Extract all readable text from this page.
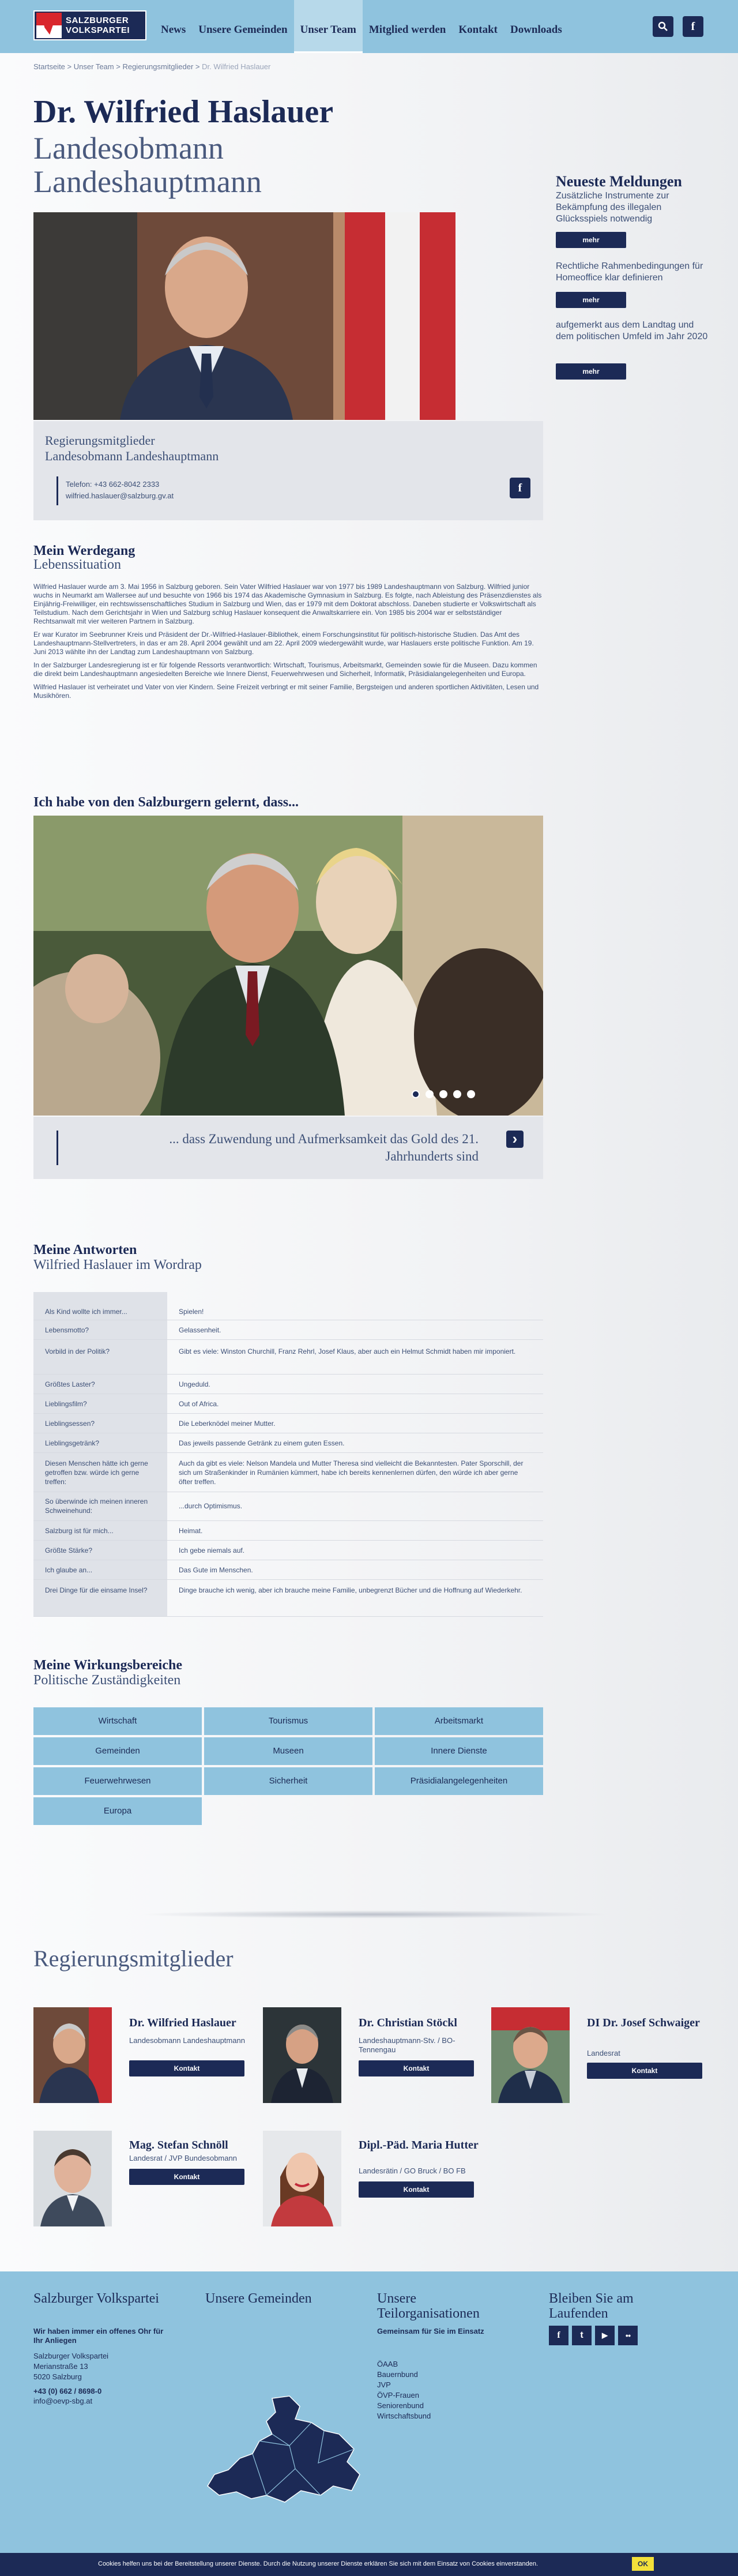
SALZBURGER
VOLKSPARTEI	News	Unsere Gemeinden	Unser Team	Mitglied werden	Kontakt	Downloads	f
Startseite > Unser Team > Regierungsmitglieder > Dr. Wilfried Haslauer
Dr. Wilfried Haslauer
Landesobmann
Landeshauptmann
Regierungsmitglieder
Landesobmann Landeshauptmann
Telefon: +43 662-8042 2333
wilfried.haslauer@salzburg.gv.at
f
Neueste Meldungen
Zusätzliche Instrumente zur Bekämpfung des illegalen Glücksspiels notwendig
mehr
Rechtliche Rahmenbedingungen für Homeoffice klar definieren
mehr
aufgemerkt aus dem Landtag und dem politischen Umfeld im Jahr 2020
mehr
Mein Werdegang
Lebenssituation

Wilfried Haslauer wurde am 3. Mai 1956 in Salzburg geboren. Sein Vater Wilfried Haslauer war von 1977 bis 1989 Landeshauptmann von Salzburg. Wilfried junior wuchs in Neumarkt am Wallersee auf und besuchte von 1966 bis 1974 das Akademische Gymnasium in Salzburg. Es folgte, nach Ableistung des Präsenzdienstes als Einjährig-Freiwilliger, ein rechtswissenschaftliches Studium in Salzburg und Wien, das er 1979 mit dem Doktorat abschloss. Daneben studierte er Volkswirtschaft als Teilstudium. Nach dem Gerichtsjahr in Wien und Salzburg schlug Haslauer konsequent die Anwaltskarriere ein. Von 1985 bis 2004 war er selbstständiger Rechtsanwalt mit vier weiteren Partnern in Salzburg.

Er war Kurator im Seebrunner Kreis und Präsident der Dr.-Wilfried-Haslauer-Bibliothek, einem Forschungsinstitut für politisch-historische Studien. Das Amt des Landeshauptmann-Stellvertreters, in das er am 28. April 2004 gewählt und am 22. April 2009 wiedergewählt wurde, war Haslauers erste politische Funktion. Am 19. Juni 2013 wählte ihn der Landtag zum Landeshauptmann von Salzburg.

In der Salzburger Landesregierung ist er für folgende Ressorts verantwortlich: Wirtschaft, Tourismus, Arbeitsmarkt, Gemeinden sowie für die Museen. Dazu kommen die direkt beim Landeshauptmann angesiedelten Bereiche wie Innere Dienst, Feuerwehrwesen und Sicherheit, Informatik, Präsidialangelegenheiten und Europa.

Wilfried Haslauer ist verheiratet und Vater von vier Kindern. Seine Freizeit verbringt er mit seiner Familie, Bergsteigen und anderen sportlichen Aktivitäten, Lesen und Musikhören.

Ich habe von den Salzburgern gelernt, dass...
... dass Zuwendung und Aufmerksamkeit das Gold des 21.
Jahrhunderts sind
›
Meine Antworten
Wilfried Haslauer im Wordrap
Als Kind wollte ich immer...	Spielen!
Lebensmotto?	Gelassenheit.
Vorbild in der Politik?	Gibt es viele: Winston Churchill, Franz Rehrl, Josef Klaus, aber auch ein Helmut Schmidt haben mir imponiert.
Größtes Laster?	Ungeduld.
Lieblingsfilm?	Out of Africa.
Lieblingsessen?	Die Leberknödel meiner Mutter.
Lieblingsgetränk?	Das jeweils passende Getränk zu einem guten Essen.
Diesen Menschen hätte ich gerne getroffen bzw. würde ich gerne treffen:
Auch da gibt es viele: Nelson Mandela und Mutter Theresa sind vielleicht die Bekanntesten. Pater Sporschill, der sich um Straßenkinder in Rumänien kümmert, habe ich bereits kennenlernen dürfen, den würde ich aber gerne öfter treffen.
So überwinde ich meinen inneren Schweinehund:
...durch Optimismus.
Salzburg ist für mich...	Heimat.
Größte Stärke?	Ich gebe niemals auf.
Ich glaube an...	Das Gute im Menschen.
Drei Dinge für die einsame Insel?	Dinge brauche ich wenig, aber ich brauche meine Familie, unbegrenzt Bücher und die Hoffnung auf Wiederkehr.
Meine Wirkungsbereiche
Politische Zuständigkeiten
Wirtschaft	Tourismus	Arbeitsmarkt
Gemeinden	Museen	Innere Dienste
Feuerwehrwesen	Sicherheit	Präsidialangelegenheiten
Europa
Regierungsmitglieder
Dr. Wilfried Haslauer
Landesobmann Landeshauptmann
Kontakt
Dr. Christian Stöckl
Landeshauptmann-Stv. / BO-Tennengau
Kontakt
DI Dr. Josef Schwaiger
Landesrat
Kontakt
Mag. Stefan Schnöll
Landesrat / JVP Bundesobmann
Kontakt
Dipl.-Päd. Maria Hutter
Landesrätin / GO Bruck / BO FB
Kontakt
Salzburger Volkspartei
Wir haben immer ein offenes Ohr für Ihr Anliegen
Salzburger Volkspartei
Merianstraße 13
5020 Salzburg
+43 (0) 662 / 8698-0
info@oevp-sbg.at
Unsere Gemeinden	Unsere Teilorganisationen
Gemeinsam für Sie im Einsatz
ÖAAB
Bauernbund
JVP
ÖVP-Frauen
Seniorenbund
Wirtschaftsbund
Bleiben Sie am Laufenden
f	t	▶	●●
Cookies helfen uns bei der Bereitstellung unserer Dienste. Durch die Nutzung unserer Dienste erklären Sie sich mit dem Einsatz von Cookies einverstanden.	OK
